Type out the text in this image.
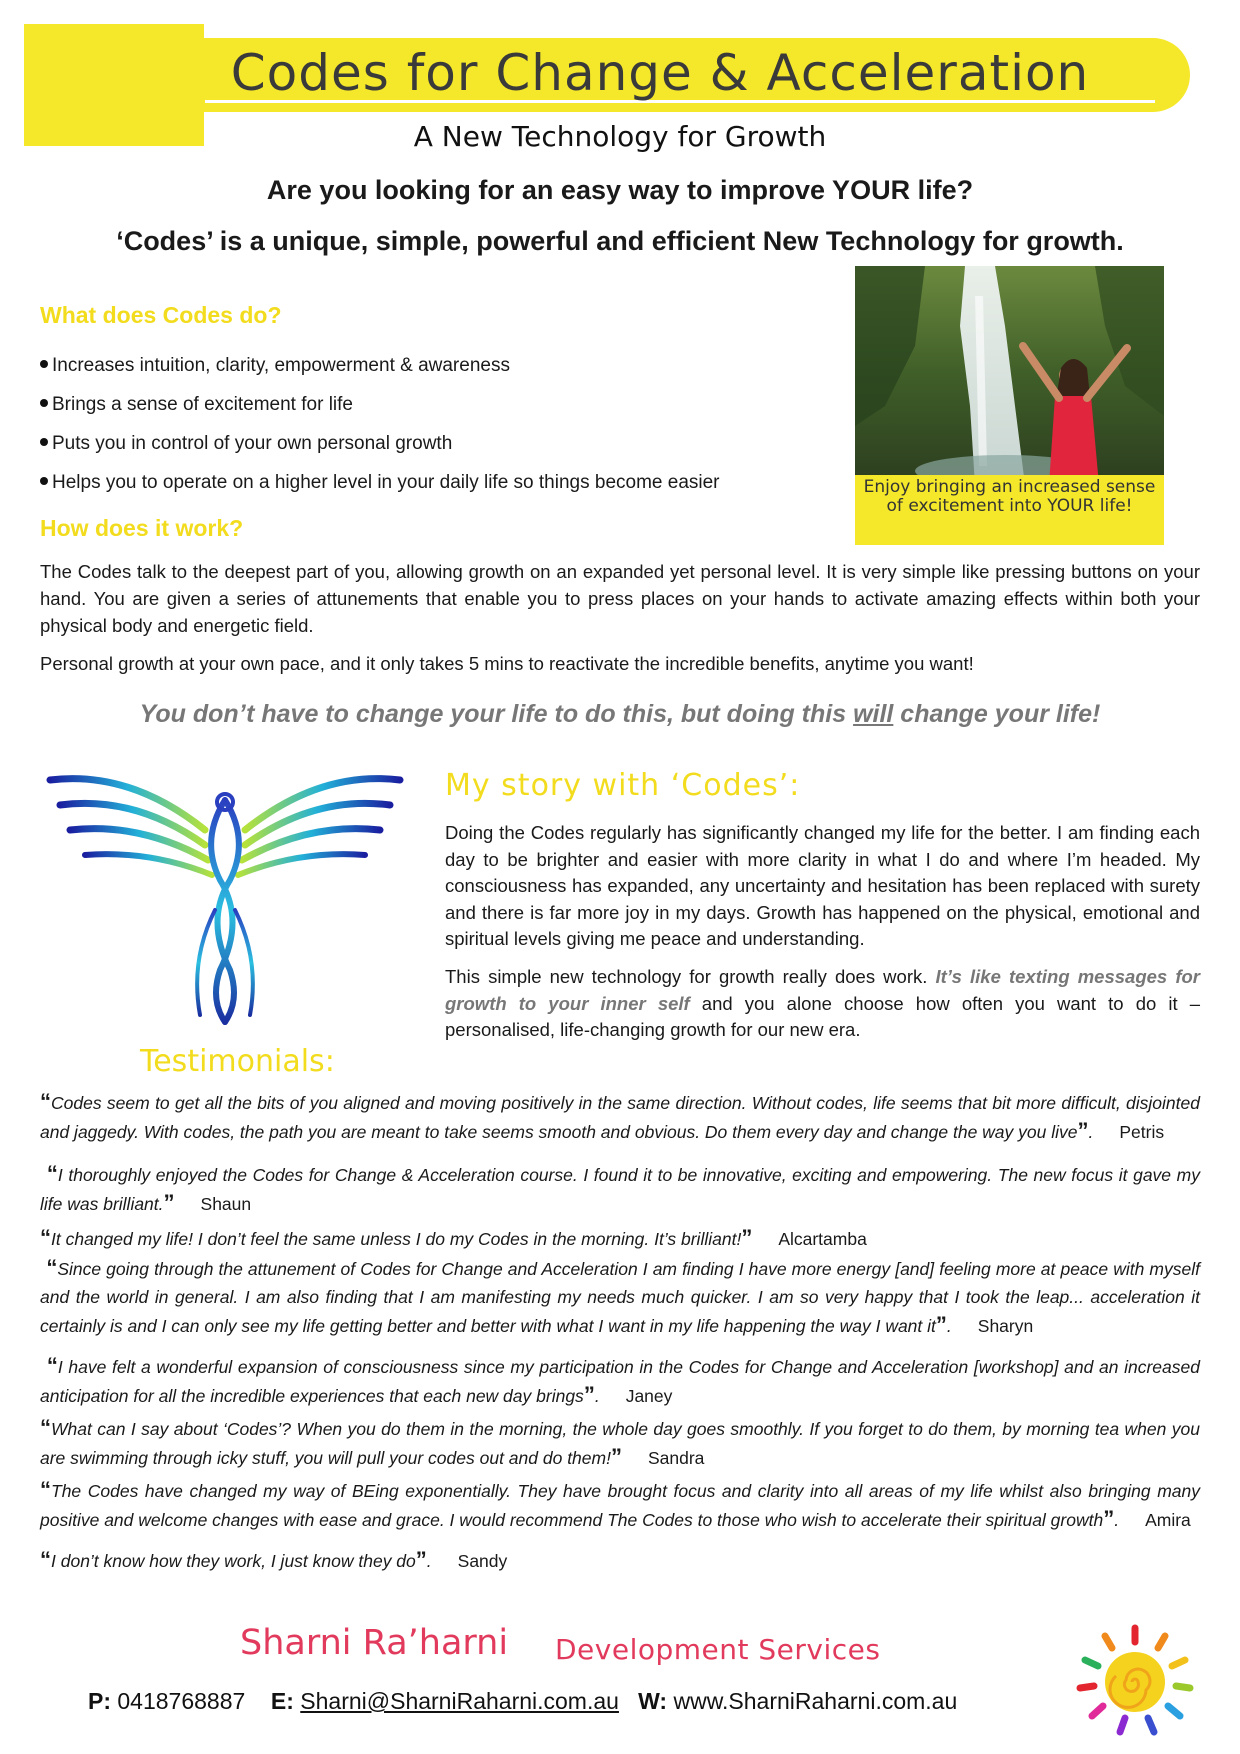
Codes for Change & Acceleration
A New Technology for Growth
Are you looking for an easy way to improve YOUR life?
‘Codes’ is a unique, simple, powerful and efficient New Technology for growth.
What does Codes do?
Increases intuition, clarity, empowerment & awareness
Brings a sense of excitement for life
Puts you in control of your own personal growth
Helps you to operate on a higher level in your daily life so things become easier	Enjoy bringing an increased sense of excitement into YOUR life!
How does it work?
The Codes talk to the deepest part of you, allowing growth on an expanded yet personal level. It is very simple like pressing buttons on your hand. You are given a series of attunements that enable you to press places on your hands to activate amazing effects within both your physical body and energetic field.
Personal growth at your own pace, and it only takes 5 mins to reactivate the incredible benefits, anytime you want!
You don’t have to change your life to do this, but doing this will change your life!
Testimonials:
My story with ‘Codes’:
Doing the Codes regularly has significantly changed my life for the better. I am finding each day to be brighter and easier with more clarity in what I do and where I’m headed. My consciousness has expanded, any uncertainty and hesitation has been replaced with surety and there is far more joy in my days. Growth has happened on the physical, emotional and spiritual levels giving me peace and understanding.
This simple new technology for growth really does work. It’s like texting messages for growth to your inner self and you alone choose how often you want to do it – personalised, life-changing growth for our new era.
“Codes seem to get all the bits of you aligned and moving positively in the same direction. Without codes, life seems that bit more difficult, disjointed and jaggedy. With codes, the path you are meant to take seems smooth and obvious. Do them every day and change the way you live”. Petris
“I thoroughly enjoyed the Codes for Change & Acceleration course. I found it to be innovative, exciting and empowering. The new focus it gave my life was brilliant.” Shaun
“It changed my life! I don’t feel the same unless I do my Codes in the morning. It’s brilliant!” Alcartamba
“Since going through the attunement of Codes for Change and Acceleration I am finding I have more energy [and] feeling more at peace with myself and the world in general. I am also finding that I am manifesting my needs much quicker. I am so very happy that I took the leap... acceleration it certainly is and I can only see my life getting better and better with what I want in my life happening the way I want it”. Sharyn
“I have felt a wonderful expansion of consciousness since my participation in the Codes for Change and Acceleration [workshop] and an increased anticipation for all the incredible experiences that each new day brings”. Janey
“What can I say about ‘Codes’? When you do them in the morning, the whole day goes smoothly. If you forget to do them, by morning tea when you are swimming through icky stuff, you will pull your codes out and do them!” Sandra
“The Codes have changed my way of BEing exponentially. They have brought focus and clarity into all areas of my life whilst also bringing many positive and welcome changes with ease and grace. I would recommend The Codes to those who wish to accelerate their spiritual growth”. Amira
“I don’t know how they work, I just know they do”. Sandy
Sharni Ra’harni Development Services
P: 0418768887 E: Sharni@SharniRaharni.com.au W: www.SharniRaharni.com.au
